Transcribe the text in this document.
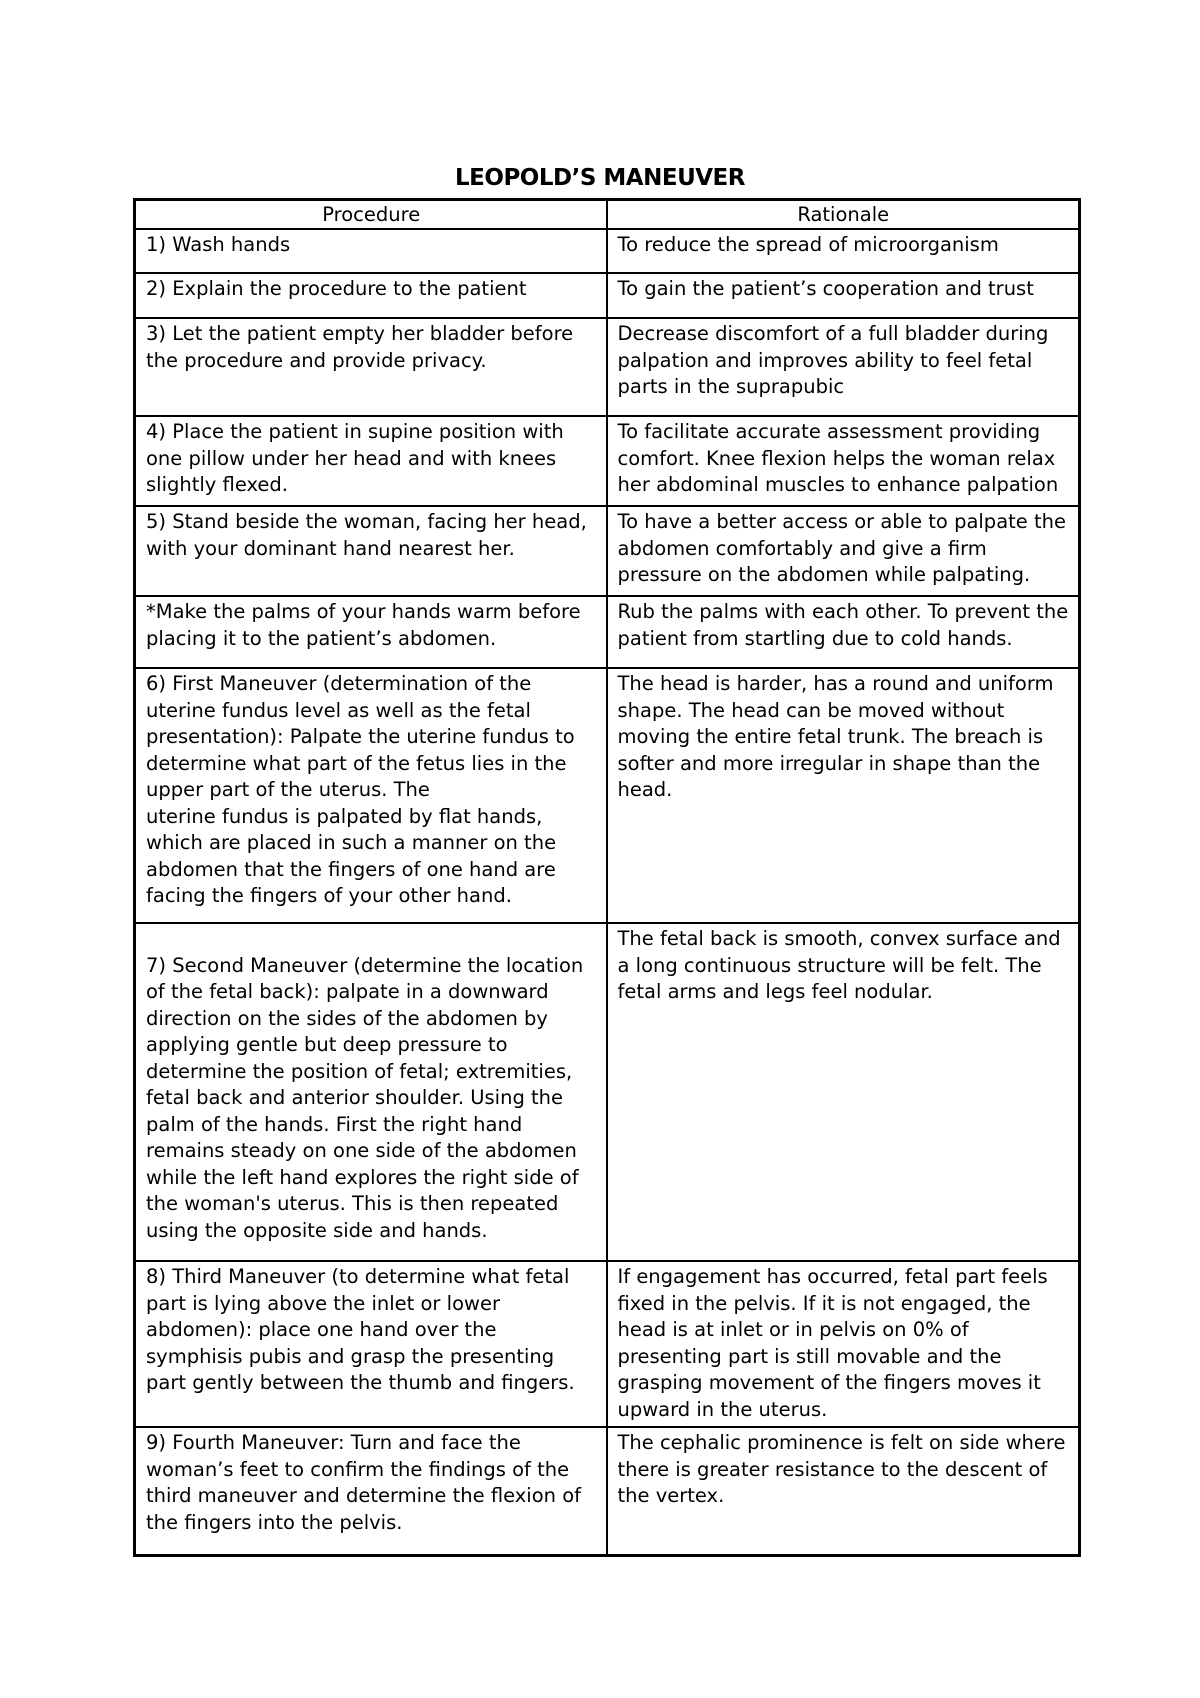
LEOPOLD’S MANEUVER
Procedure	Rationale

1) Wash hands	To reduce the spread of microorganism

2) Explain the procedure to the patient	To gain the patient’s cooperation and trust

3) Let the patient empty her bladder before the procedure and provide privacy.	Decrease discomfort of a full bladder during palpation and improves ability to feel fetal parts in the suprapubic

4) Place the patient in supine position with one pillow under her head and with knees slightly flexed.	To facilitate accurate assessment providing comfort. Knee flexion helps the woman relax her abdominal muscles to enhance palpation

5) Stand beside the woman, facing her head, with your dominant hand nearest her.	To have a better access or able to palpate the abdomen comfortably and give a firm pressure on the abdomen while palpating.

*Make the palms of your hands warm before placing it to the patient’s abdomen.	Rub the palms with each other. To prevent the patient from startling due to cold hands.

6) First Maneuver (determination of the uterine fundus level as well as the fetal presentation): Palpate the uterine fundus to determine what part of the fetus lies in the upper part of the uterus. The
uterine fundus is palpated by flat hands, which are placed in such a manner on the abdomen that the fingers of one hand are facing the fingers of your other hand.	The head is harder, has a round and uniform shape. The head can be moved without moving the entire fetal trunk. The breach is softer and more irregular in shape than the head.

7) Second Maneuver (determine the location of the fetal back): palpate in a downward direction on the sides of the abdomen by applying gentle but deep pressure to determine the position of fetal; extremities, fetal back and anterior shoulder. Using the palm of the hands. First the right hand remains steady on one side of the abdomen while the left hand explores the right side of the woman's uterus. This is then repeated using the opposite side and hands.	The fetal back is smooth, convex surface and a long continuous structure will be felt. The fetal arms and legs feel nodular.

8) Third Maneuver (to determine what fetal part is lying above the inlet or lower abdomen): place one hand over the symphisis pubis and grasp the presenting part gently between the thumb and fingers.	If engagement has occurred, fetal part feels fixed in the pelvis. If it is not engaged, the head is at inlet or in pelvis on 0% of presenting part is still movable and the grasping movement of the fingers moves it upward in the uterus.

9) Fourth Maneuver: Turn and face the woman’s feet to confirm the findings of the third maneuver and determine the flexion of the fingers into the pelvis.	The cephalic prominence is felt on side where there is greater resistance to the descent of the vertex.
